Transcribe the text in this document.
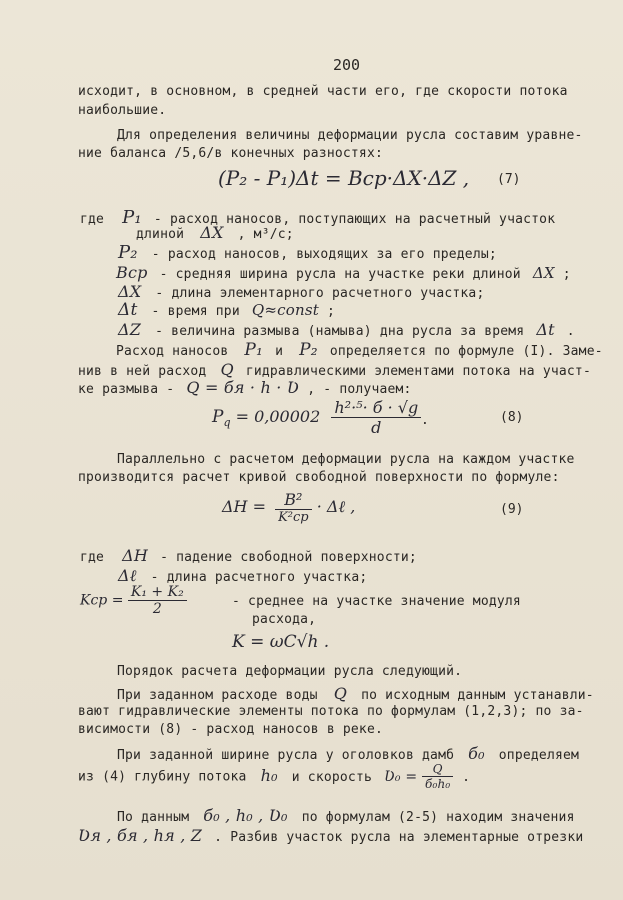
200
исходит, в основном, в средней части его, где скорости потока
наибольшие.
Для определения величины деформации русла составим уравне-
ние баланса /5,6/в конечных разностях:
(P₂ - P₁)Δt = Bср·ΔX·ΔZ , (7)
где P₁ - расход наносов, поступающих на расчетный участок
длиной ΔX , м³/с;
P₂ - расход наносов, выходящих за его пределы;
Bср - средняя ширина русла на участке реки длиной ΔX ;
ΔX - длина элементарного расчетного участка;
Δt - время при Q≈const ;
ΔZ - величина размыва (намыва) дна русла за время Δt .
Расход наносов P₁ и P₂ определяется по формуле (I). Заме-
нив в ней расход Q гидравлическими элементами потока на участ-
ке размыва - Q = бя · h · Ʋ , - получаем:
$P_q = 0,00002 \frac{\text{h²·⁵· б · √g}}{d}$	(8)
.
Параллельно с расчетом деформации русла на каждом участке
производится расчет кривой свободной поверхности по формуле:
$\Delta H = \frac{\text{B²}}{\text{K²ср}}$ · Δℓ ,	(9)
где ΔH - падение свободной поверхности;
Δℓ - длина расчетного участка;
Kср = $\frac{\text{K₁ + K₂}}{2}$	- среднее на участке значение модуля
расхода,
K = ωC√h .
Порядок расчета деформации русла следующий.
При заданном расходе воды Q по исходным данным устанавли-
вают гидравлические элементы потока по формулам (1,2,3); по за-
висимости (8) - расход наносов в реке.
При заданной ширине русла у оголовков дамб б₀ определяем
из (4) глубину потока h₀ и скорость Ʋ₀ = $\frac{Q}{\text{б₀h₀}}$ .
По данным б₀ , h₀ , Ʋ₀ по формулам (2-5) находим значения
Ʋя , бя , hя , Z . Разбив участок русла на элементарные отрезки
